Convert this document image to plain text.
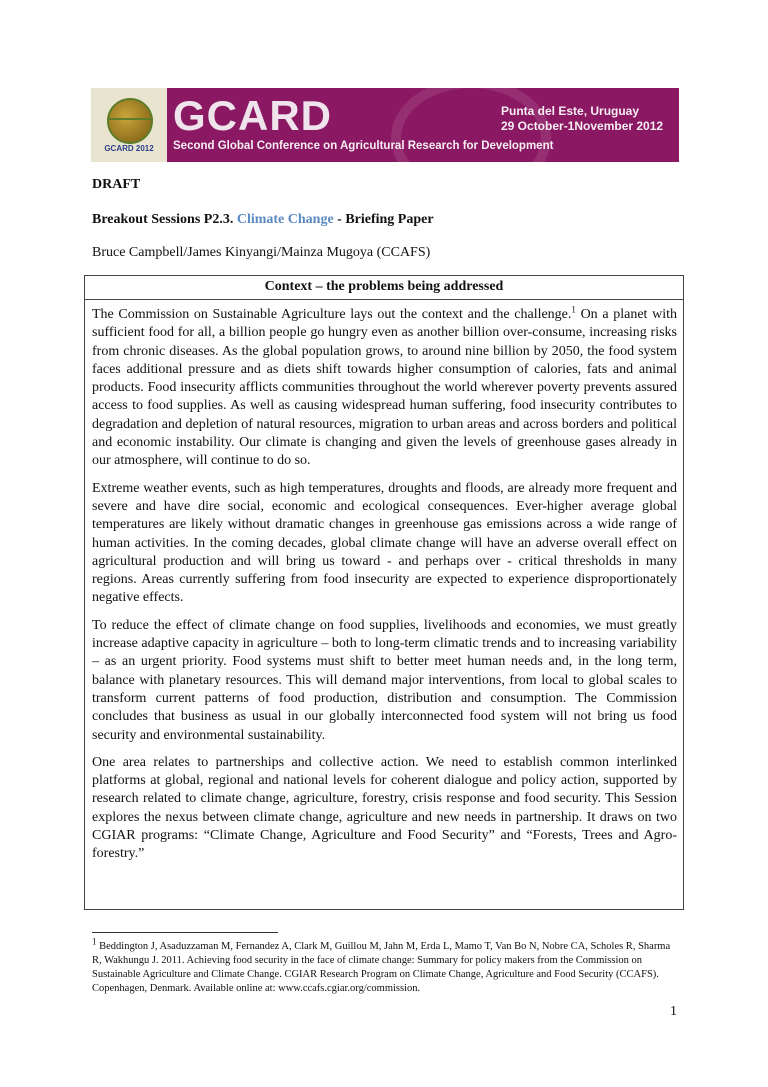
GCARD 2012
GCARD
Second Global Conference on Agricultural Research for Development
Punta del Este, Uruguay
29 October-1November 2012
DRAFT
Breakout Sessions P2.3. Climate Change - Briefing Paper
Bruce Campbell/James Kinyangi/Mainza Mugoya (CCAFS)
Context – the problems being addressed

The Commission on Sustainable Agriculture lays out the context and the challenge.$^1$ On a planet with sufficient food for all, a billion people go hungry even as another billion over-consume, increasing risks from chronic diseases. As the global population grows, to around nine billion by 2050, the food system faces additional pressure and as diets shift towards higher consumption of calories, fats and animal products. Food insecurity afflicts communities throughout the world wherever poverty prevents assured access to food supplies. As well as causing widespread human suffering, food insecurity contributes to degradation and depletion of natural resources, migration to urban areas and across borders and political and economic instability. Our climate is changing and given the levels of greenhouse gases already in our atmosphere, will continue to do so.

Extreme weather events, such as high temperatures, droughts and floods, are already more frequent and severe and have dire social, economic and ecological consequences. Ever-higher average global temperatures are likely without dramatic changes in greenhouse gas emissions across a wide range of human activities. In the coming decades, global climate change will have an adverse overall effect on agricultural production and will bring us toward - and perhaps over - critical thresholds in many regions. Areas currently suffering from food insecurity are expected to experience disproportionately negative effects.

To reduce the effect of climate change on food supplies, livelihoods and economies, we must greatly increase adaptive capacity in agriculture – both to long-term climatic trends and to increasing variability – as an urgent priority. Food systems must shift to better meet human needs and, in the long term, balance with planetary resources. This will demand major interventions, from local to global scales to transform current patterns of food production, distribution and consumption. The Commission concludes that business as usual in our globally interconnected food system will not bring us food security and environmental sustainability.

One area relates to partnerships and collective action. We need to establish common interlinked platforms at global, regional and national levels for coherent dialogue and policy action, supported by research related to climate change, agriculture, forestry, crisis response and food security. This Session explores the nexus between climate change, agriculture and new needs in partnership. It draws on two CGIAR programs: “Climate Change, Agriculture and Food Security” and “Forests, Trees and Agro-forestry.”

$^1$ Beddington J, Asaduzzaman M, Fernandez A, Clark M, Guillou M, Jahn M, Erda L, Mamo T, Van Bo N, Nobre CA, Scholes R, Sharma R, Wakhungu J. 2011. Achieving food security in the face of climate change: Summary for policy makers from the Commission on Sustainable Agriculture and Climate Change. CGIAR Research Program on Climate Change, Agriculture and Food Security (CCAFS). Copenhagen, Denmark. Available online at: www.ccafs.cgiar.org/commission.
1
